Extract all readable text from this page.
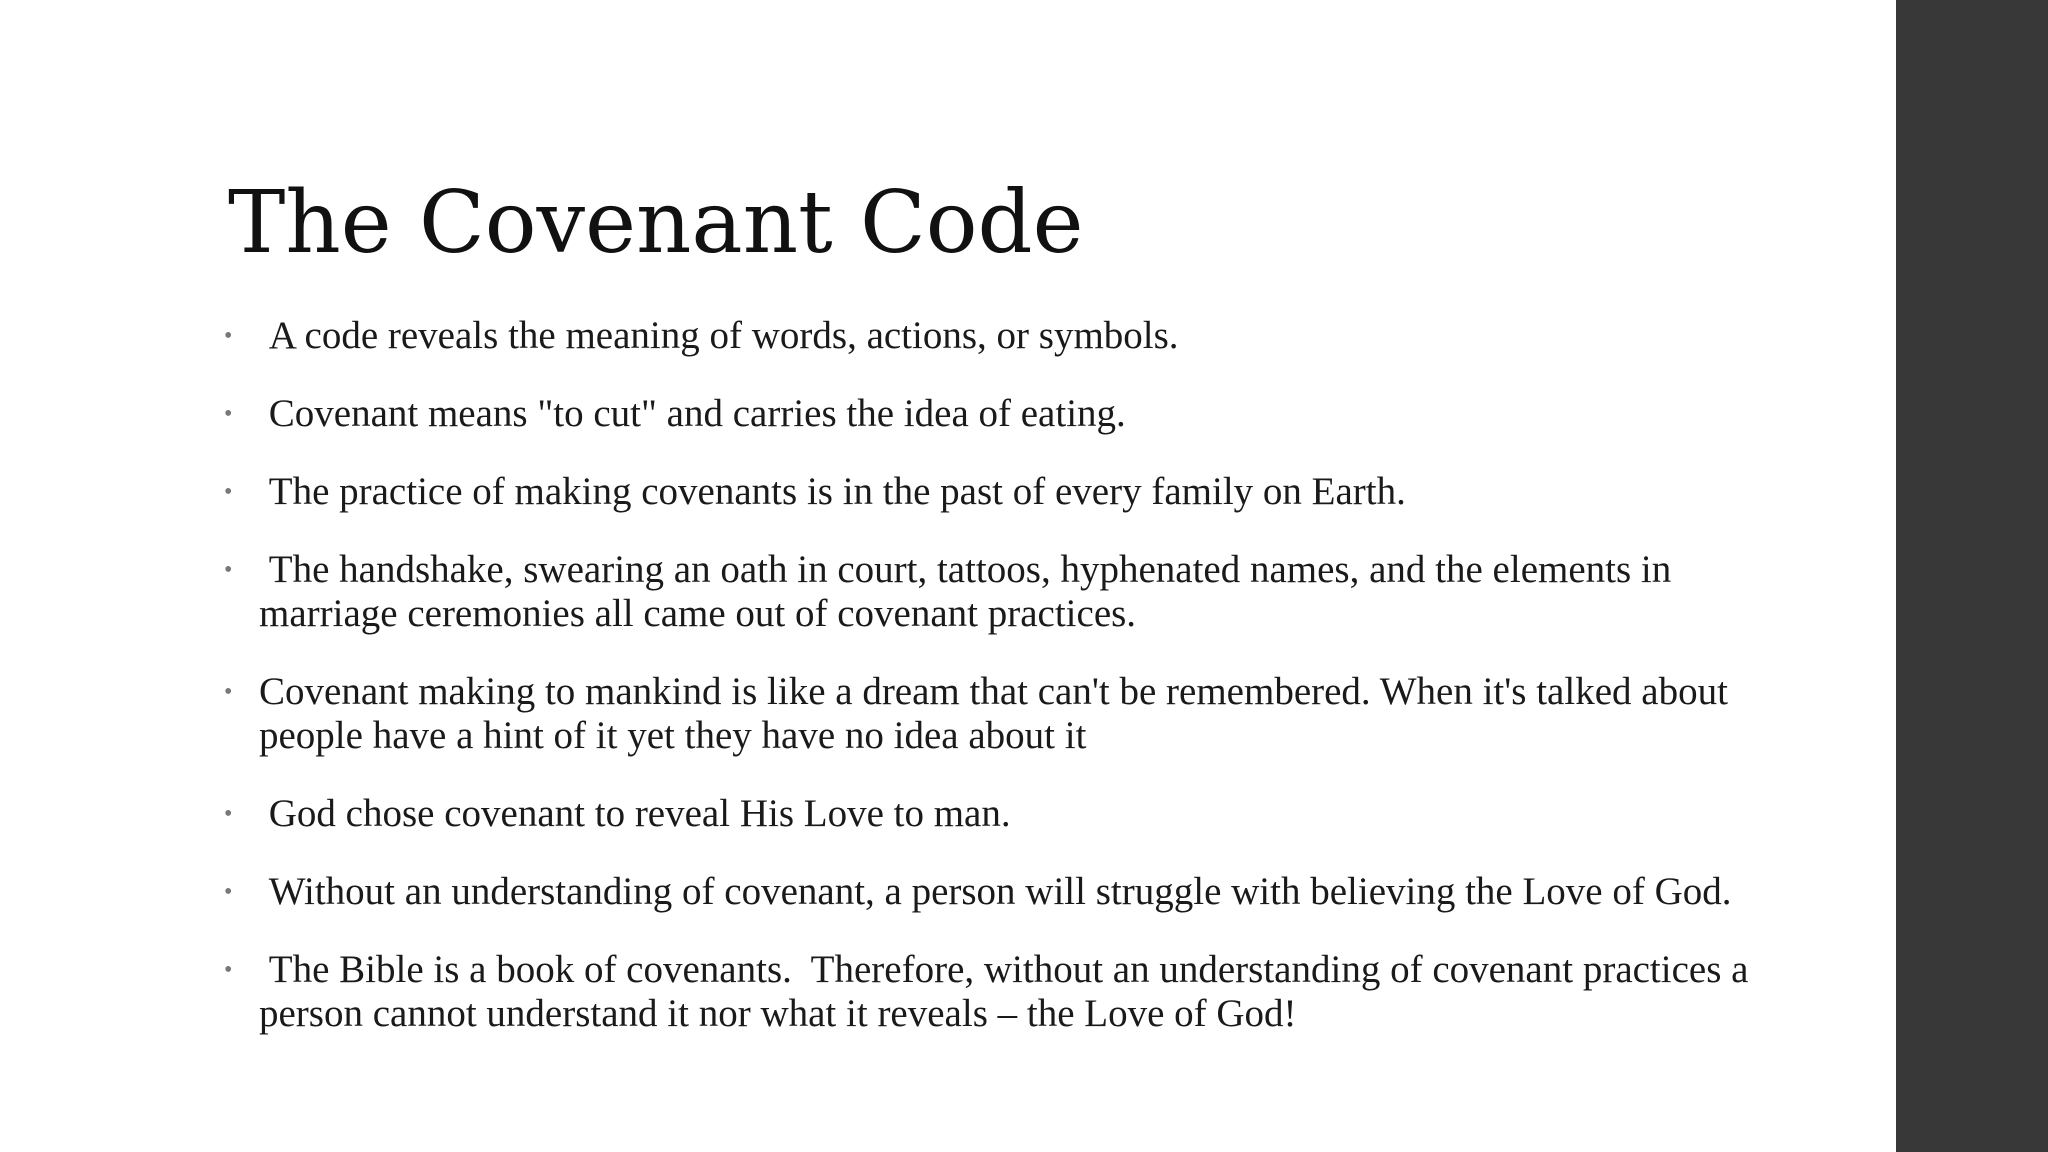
The Covenant Code
• A code reveals the meaning of words, actions, or symbols.
• Covenant means "to cut" and carries the idea of eating.
• The practice of making covenants is in the past of every family on Earth.
• The handshake, swearing an oath in court, tattoos, hyphenated names, and the elements in marriage ceremonies all came out of covenant practices.
• Covenant making to mankind is like a dream that can't be remembered. When it's talked about people have a hint of it yet they have no idea about it
• God chose covenant to reveal His Love to man.
• Without an understanding of covenant, a person will struggle with believing the Love of God.
• The Bible is a book of covenants.  Therefore, without an understanding of covenant practices a person cannot understand it nor what it reveals – the Love of God!
